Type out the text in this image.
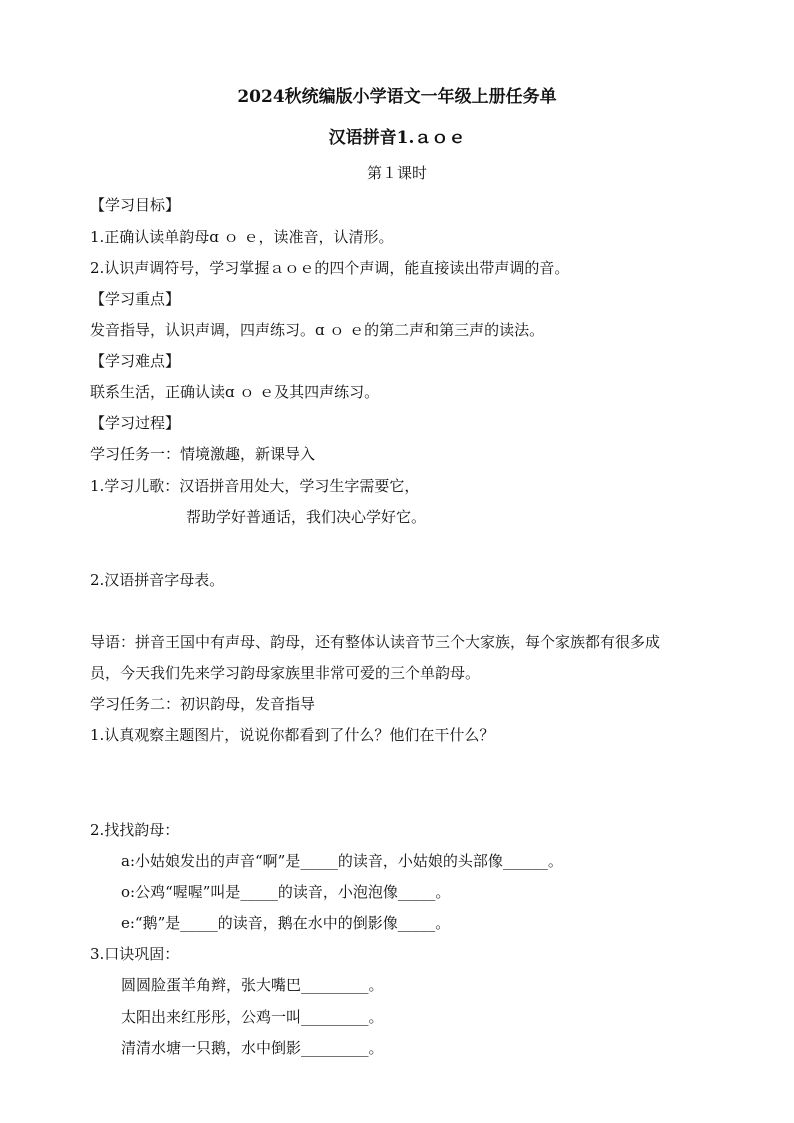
2024秋统编版小学语文一年级上册任务单
汉语拼音1.ａｏｅ
第１课时
【学习目标】
1.正确认读单韵母ɑ ｏ ｅ，读准音，认清形。
2.认识声调符号，学习掌握ａｏｅ的四个声调，能直接读出带声调的音。
【学习重点】
发音指导，认识声调，四声练习。ɑ ｏ ｅ的第二声和第三声的读法。
【学习难点】
联系生活，正确认读ɑ ｏ ｅ及其四声练习。
【学习过程】
学习任务一：情境激趣，新课导入
1.学习儿歌：汉语拼音用处大，学习生字需要它，
帮助学好普通话，我们决心学好它。
2.汉语拼音字母表。
导语：拼音王国中有声母、韵母，还有整体认读音节三个大家族，每个家族都有很多成
员，今天我们先来学习韵母家族里非常可爱的三个单韵母。
学习任务二：初识韵母，发音指导
1.认真观察主题图片，说说你都看到了什么？他们在干什么？
2.找找韵母：
a:小姑娘发出的声音“啊”是_____的读音，小姑娘的头部像______。
o:公鸡“喔喔”叫是_____的读音，小泡泡像_____。
e:“鹅”是_____的读音，鹅在水中的倒影像_____。
3.口诀巩固：
圆圆脸蛋羊角辫，张大嘴巴_________。
太阳出来红彤彤，公鸡一叫_________。
清清水塘一只鹅，水中倒影_________。
